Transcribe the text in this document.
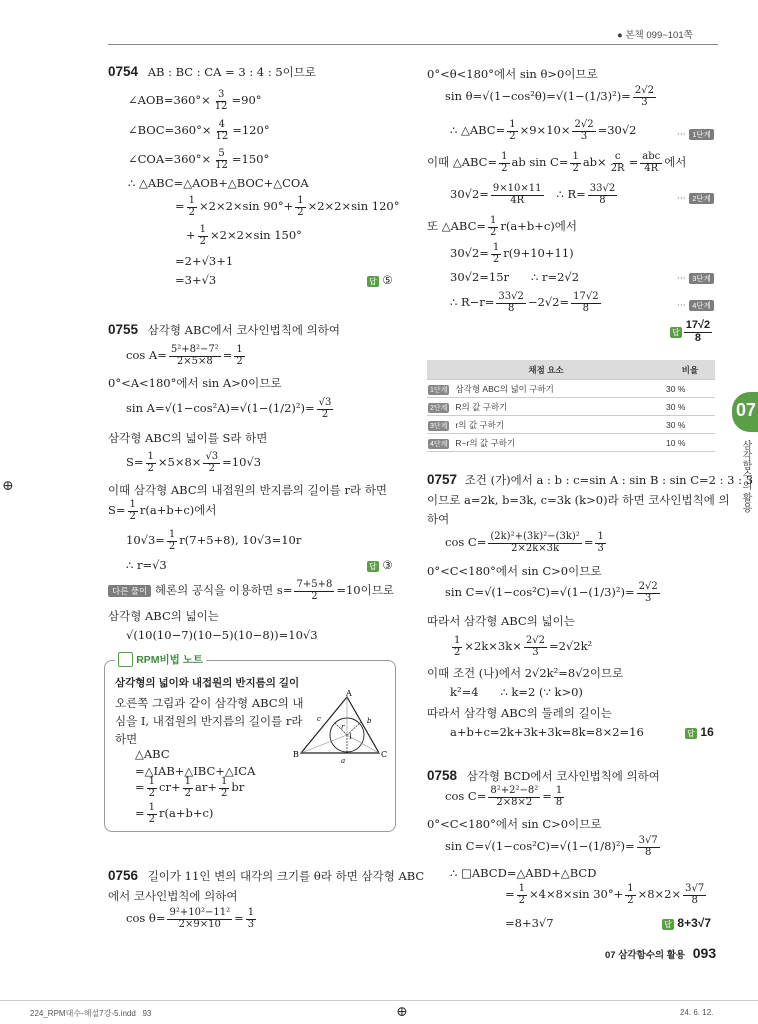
● 본책 099~101쪽
07
삼각함수의 활용
0754 AB : BC : CA = 3 : 4 : 5이므로
∠AOB=360°× $\frac{3}{12} =90^\circ$
∠BOC=360°× $\frac{4}{12} =120^\circ$
∠COA=360°× $\frac{5}{12} =150^\circ$
∴ △ABC=△AOB+△BOC+△COA
= $\frac{1}{2} \times 2\times 2\times\sin$ $90^\circ+ \frac{1}{2} \times 2\times 2\times\sin$ 120°
+ $\frac{1}{2} \times 2\times 2\times\sin$ 150°
=2+√3+1
=3+√3	답 ⑤
0755 삼각형 ABC에서 코사인법칙에 의하여
$\cos A= \frac{\text{5²+8²−7²}}{2\times 5\times 8} = \frac{1}{2}$
0°<A<180°에서 sin A>0이므로
$\sin A=√(1-\cos^2A)=√(1-(1/2)^2)= \frac{√3}{2}$
삼각형 ABC의 넓이를 S라 하면
$S= \frac{1}{2} \times 5\times 8\times \frac{√3}{2} =10√3$
이때 삼각형 ABC의 내접원의 반지름의 길이를 r라 하면
$S= \frac{1}{2} r(a+b+c)$에서
$10√3= \frac{1}{2} r(7+5+8)$, 10√3=10r
∴ r=√3	답 ③
다른 풀이 헤론의 공식을 이용하면 $s= \frac{7+5+8}{2} =10$이므로
삼각형 ABC의 넓이는
√(10(10−7)(10−5)(10−8))=10√3
RPM비법 노트
삼각형의 넓이와 내접원의 반지름의 길이
오른쪽 그림과 같이 삼각형 ABC의 내
심을 I, 내접원의 반지름의 길이를 r라
하면
△ABC
=△IAB+△IBC+△ICA
= $\frac{1}{2} cr+ \frac{1}{2} ar+ \frac{1}{2}$ br
= $\frac{1}{2} r(a+b+c)$
A
B	C
I
r
a
b
c
0756 길이가 11인 변의 대각의 크기를 θ라 하면 삼각형 ABC
에서 코사인법칙에 의하여
$\cos \theta= \frac{\text{9²+10²−11²}}{2\times 9\times 10} = \frac{1}{3}$
0°<θ<180°에서 sin θ>0이므로
$\sin \theta=√(1-\cos^2\theta)=√(1-(1/3)^2)= \frac{2√2}{3}$
∴ △ABC= $\frac{1}{2} \times 9\times 10\times \frac{2√2}{3} =30√2$	··· 1단계
이때 △ABC= $\frac{1}{2}$ ab $\sin C= \frac{1}{2} ab\times \frac{c}{2R} = \frac{\text{abc}}{4R}$ 에서
$30√2= \frac{9\times 10\times 11}{4R}$ ∴ $R= \frac{33√2}{8}$	··· 2단계
또 △ABC= $\frac{1}{2} r(a+b+c)$에서
$30√2= \frac{1}{2} r(9+10+11)$
30√2=15r      ∴ r=2√2	··· 3단계
∴ $R-r= \frac{33√2}{8} -2√2= \frac{17√2}{8}$	··· 4단계
답 $\frac{17√2}{8}$
채점 요소	비율
1단계 삼각형 ABC의 넓이 구하기	30 %
2단계 R의 값 구하기	30 %
3단계 r의 값 구하기	30 %
4단계 R−r의 값 구하기	10 %
0757 조건 (가)에서 a : b : c=sin A : sin B : sin C=2 : 3 : 3
이므로 a=2k, b=3k, c=3k (k>0)라 하면 코사인법칙에 의
하여
$\cos C= \frac{\text{(2k)²+(3k)²−(3k)²}}{2\times 2k\times 3k} = \frac{1}{3}$
0°<C<180°에서 sin C>0이므로
$\sin C=√(1-\cos^2C)=√(1-(1/3)^2)= \frac{2√2}{3}$
따라서 삼각형 ABC의 넓이는
$\frac{1}{2} \times 2k\times 3k\times \frac{2√2}{3} =2√2k^2$
이때 조건 (나)에서 2√2k²=8√2이므로
k²=4      ∴ k=2 (∵ k>0)
따라서 삼각형 ABC의 둘레의 길이는
a+b+c=2k+3k+3k=8k=8×2=16	답 16
0758 삼각형 BCD에서 코사인법칙에 의하여
$\cos C= \frac{\text{8²+2²−8²}}{2\times 8\times 2} = \frac{1}{8}$
0°<C<180°에서 sin C>0이므로
$\sin C=√(1-\cos^2C)=√(1-(1/8)^2)= \frac{3√7}{8}$
∴ □ABCD=△ABD+△BCD
= $\frac{1}{2} \times 4\times 8\times\sin$ $30^\circ+ \frac{1}{2} \times 8\times 2\times \frac{3√7}{8}$
=8+3√7	답 8+3√7
07 삼각함수의 활용 093
224_RPM대수-해설7강-5.indd   93	24. 6. 12.
⊕
⊕
